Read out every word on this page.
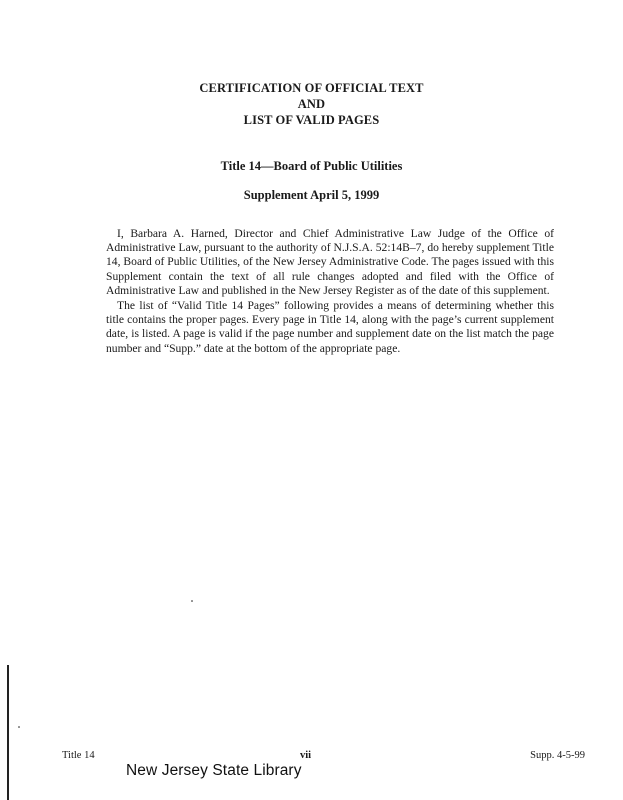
CERTIFICATION OF OFFICIAL TEXT
AND
LIST OF VALID PAGES
Title 14—Board of Public Utilities
Supplement April 5, 1999

I, Barbara A. Harned, Director and Chief Administrative Law Judge of the Office of Administrative Law, pursuant to the authority of N.J.S.A. 52:14B–7, do hereby supplement Title 14, Board of Public Utilities, of the New Jersey Administrative Code. The pages issued with this Supplement contain the text of all rule changes adopted and filed with the Office of Administrative Law and published in the New Jersey Register as of the date of this supplement.

The list of “Valid Title 14 Pages” following provides a means of determining whether this title contains the proper pages. Every page in Title 14, along with the page’s current supplement date, is listed. A page is valid if the page number and supplement date on the list match the page number and “Supp.” date at the bottom of the appropriate page.

Title 14	vii	Supp. 4-5-99
New Jersey State Library
